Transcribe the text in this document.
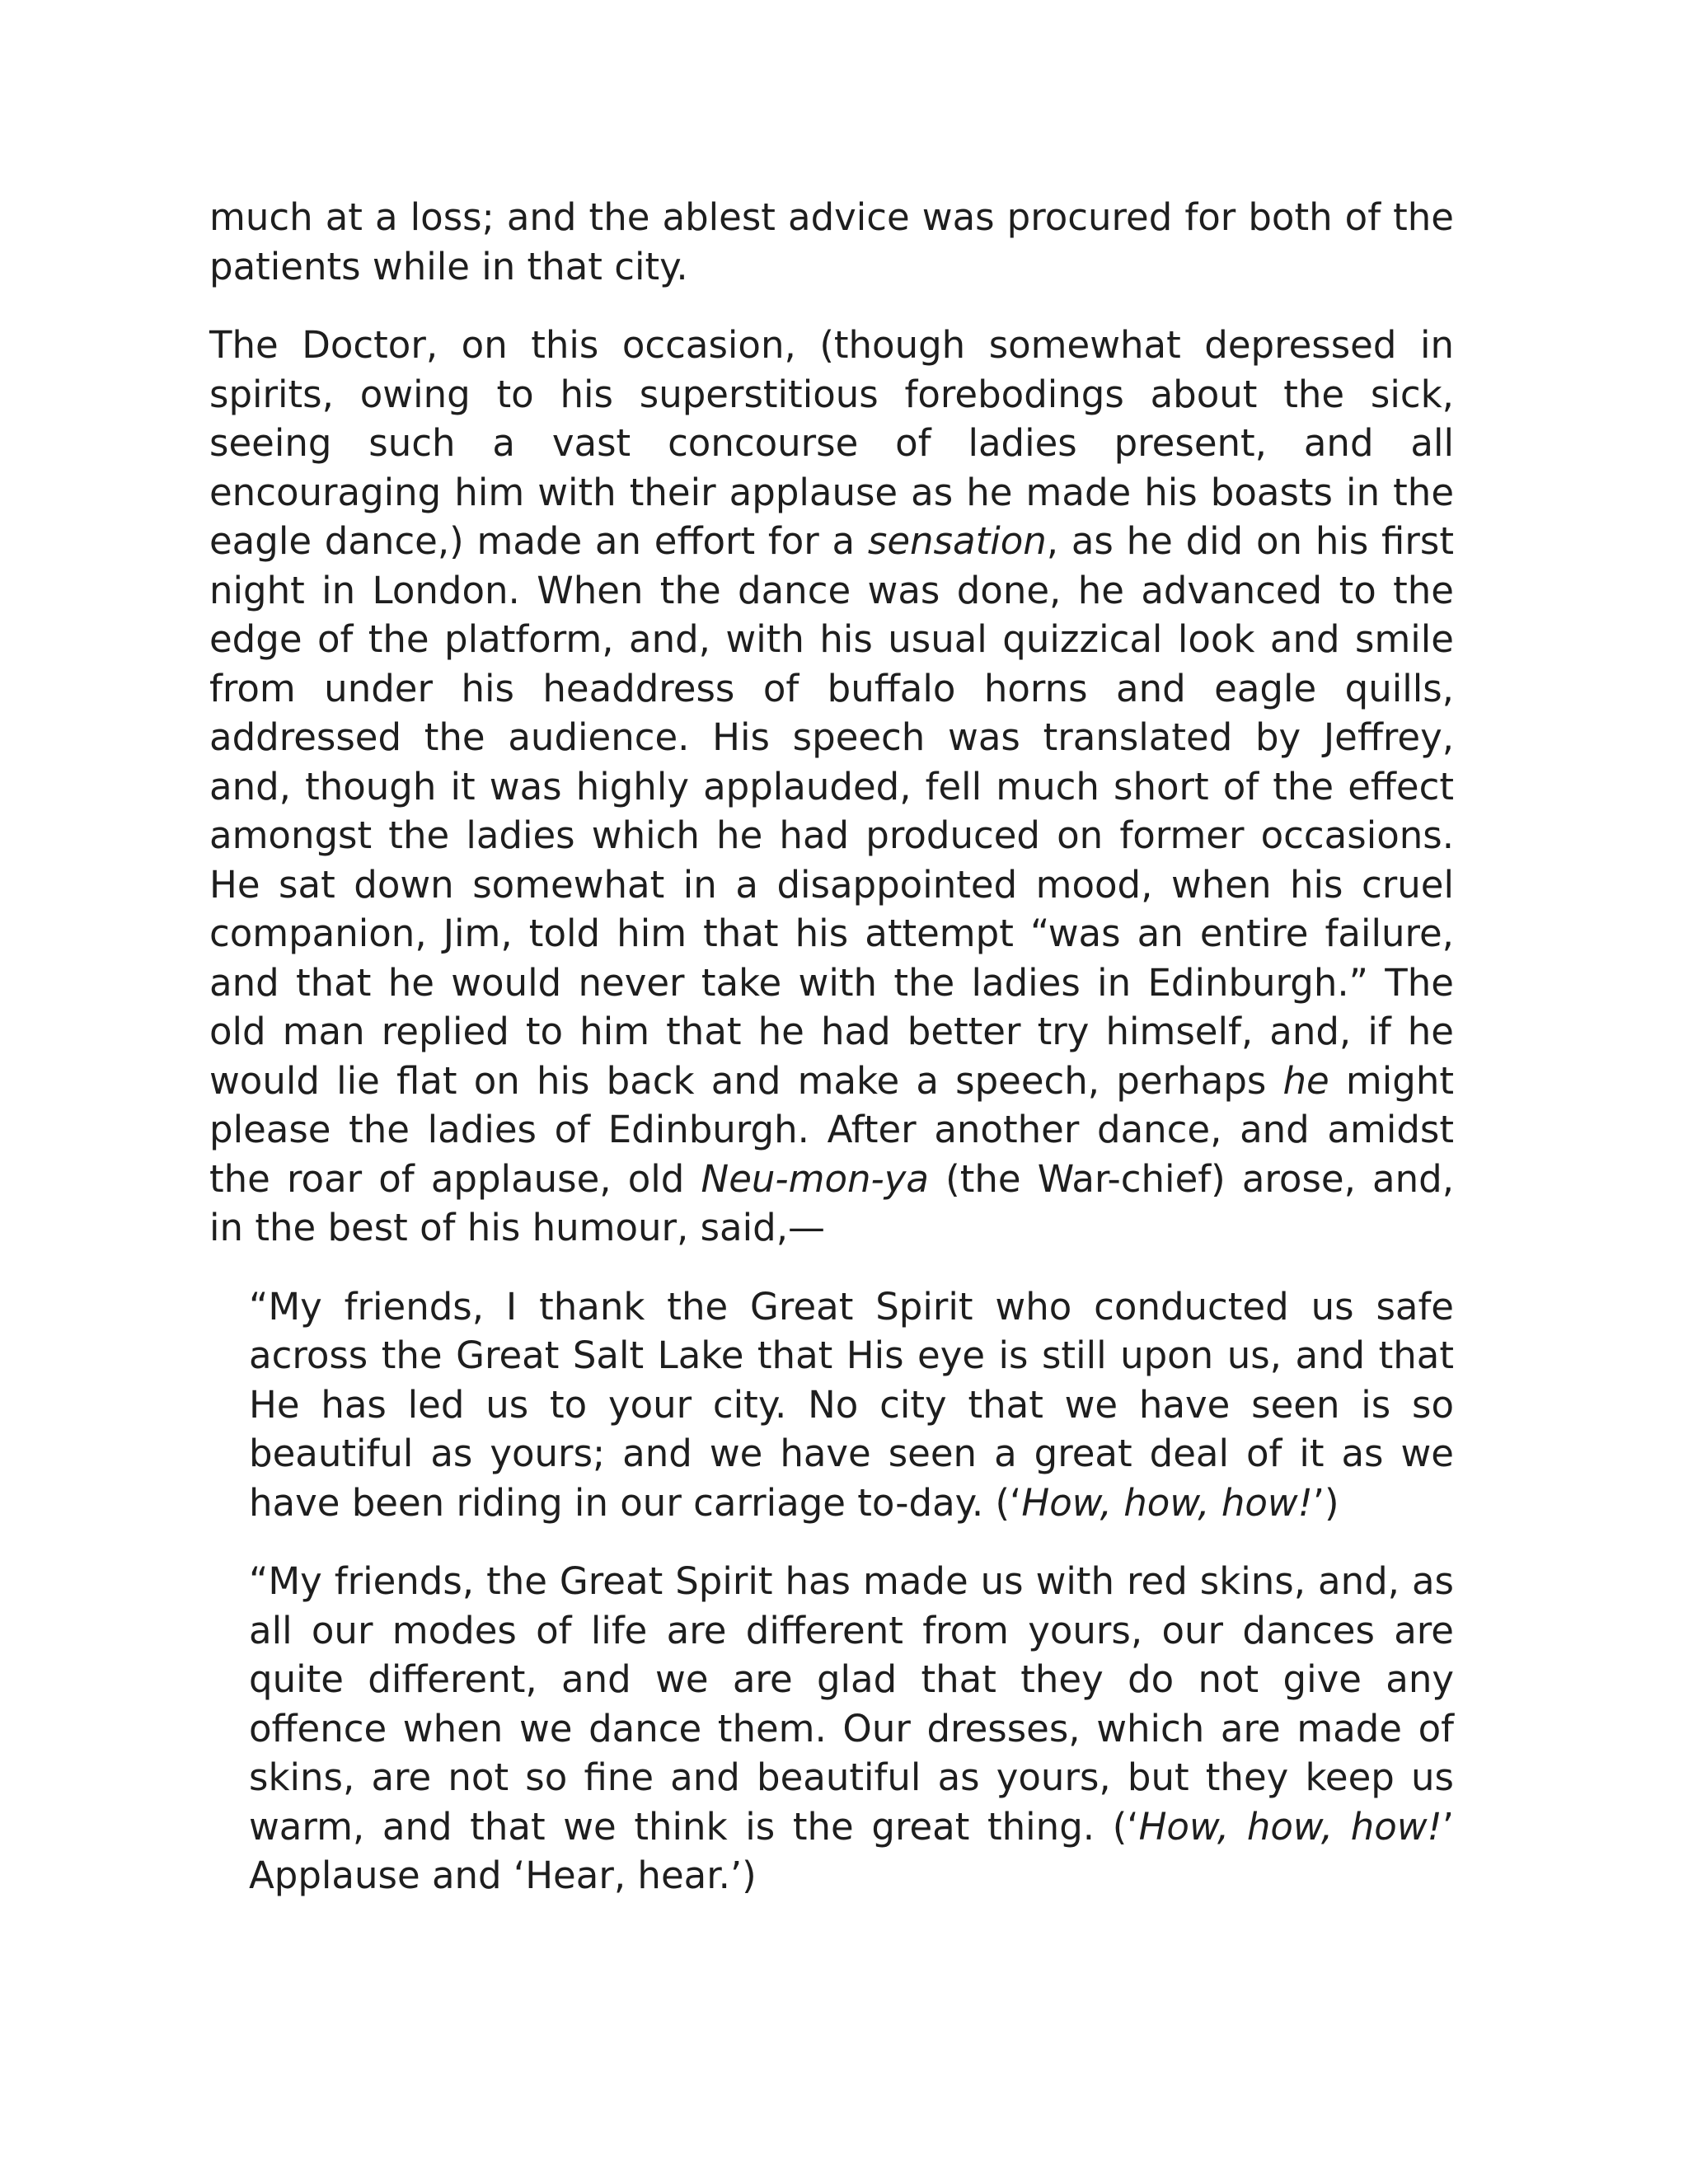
much at a loss; and the ablest advice was procured for both of the patients while in that city.

The Doctor, on this occasion, (though somewhat depressed in spirits, owing to his superstitious forebodings about the sick, seeing such a vast concourse of ladies present, and all encouraging him with their applause as he made his boasts in the eagle dance,) made an effort for a sensation, as he did on his first night in London. When the dance was done, he advanced to the edge of the platform, and, with his usual quizzical look and smile from under his headdress of buffalo horns and eagle quills, addressed the audience. His speech was translated by Jeffrey, and, though it was highly applauded, fell much short of the effect amongst the ladies which he had produced on former occasions. He sat down somewhat in a disappointed mood, when his cruel companion, Jim, told him that his attempt “was an entire failure, and that he would never take with the ladies in Edinburgh.” The old man replied to him that he had better try himself, and, if he would lie flat on his back and make a speech, perhaps he might please the ladies of Edinburgh. After another dance, and amidst the roar of applause, old Neu-mon-ya (the War-chief) arose, and, in the best of his humour, said,—

“My friends, I thank the Great Spirit who conducted us safe across the Great Salt Lake that His eye is still upon us, and that He has led us to your city. No city that we have seen is so beautiful as yours; and we have seen a great deal of it as we have been riding in our carriage to-day. (‘How, how, how!’)

“My friends, the Great Spirit has made us with red skins, and, as all our modes of life are different from yours, our dances are quite different, and we are glad that they do not give any offence when we dance them. Our dresses, which are made of skins, are not so fine and beautiful as yours, but they keep us warm, and that we think is the great thing. (‘How, how, how!’ Applause and ‘Hear, hear.’)
